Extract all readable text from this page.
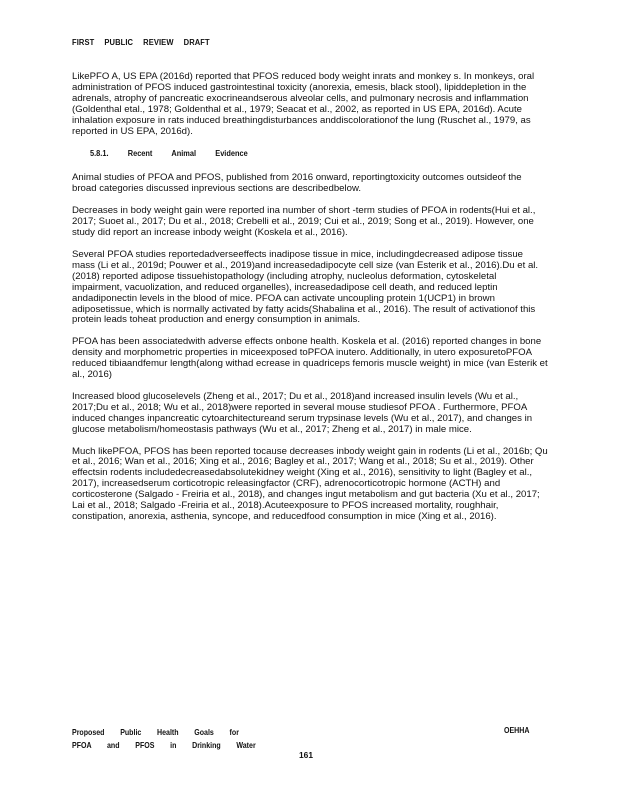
FIRST PUBLIC REVIEW DRAFT

LikePFO A, US EPA (2016d) reported that PFOS reduced body weight inrats and monkey s. In monkeys, oral administration of PFOS induced gastrointestinal toxicity (anorexia, emesis, black stool), lipiddepletion in the adrenals, atrophy of pancreatic exocrineandserous alveolar cells, and pulmonary necrosis and inflammation (Goldenthal etal., 1978; Goldenthal et al., 1979; Seacat et al., 2002, as reported in US EPA, 2016d). Acute inhalation exposure in rats induced breathingdisturbances anddiscolorationof the lung (Ruschet al., 1979, as reported in US EPA, 2016d).

5.8.1. Recent Animal Evidence

Animal studies of PFOA and PFOS, published from 2016 onward, reportingtoxicity outcomes outsideof the broad categories discussed inprevious sections are describedbelow.

Decreases in body weight gain were reported ina number of short -term studies of PFOA in rodents(Hui et al., 2017; Suoet al., 2017; Du et al., 2018; Crebelli et al., 2019; Cui et al., 2019; Song et al., 2019). However, one study did report an increase inbody weight (Koskela et al., 2016).

Several PFOA studies reportedadverseeffects inadipose tissue in mice, includingdecreased adipose tissue mass (Li et al., 2019d; Pouwer et al., 2019)and increasedadipocyte cell size (van Esterik et al., 2016).Du et al. (2018) reported adipose tissuehistopathology (including atrophy, nucleolus deformation, cytoskeletal impairment, vacuolization, and reduced organelles), increasedadipose cell death, and reduced leptin andadiponectin levels in the blood of mice. PFOA can activate uncoupling protein 1(UCP1) in brown adiposetissue, which is normally activated by fatty acids(Shabalina et al., 2016). The result of activationof this protein leads toheat production and energy consumption in animals.

PFOA has been associatedwith adverse effects onbone health. Koskela et al. (2016) reported changes in bone density and morphometric properties in miceexposed toPFOA inutero. Additionally, in utero exposuretoPFOA reduced tibiaandfemur length(along withad ecrease in quadriceps femoris muscle weight) in mice (van Esterik et al., 2016)

Increased blood glucoselevels (Zheng et al., 2017; Du et al., 2018)and increased insulin levels (Wu et al., 2017;Du et al., 2018; Wu et al., 2018)were reported in several mouse studiesof PFOA . Furthermore, PFOA induced changes inpancreatic cytoarchitectureand serum trypsinase levels (Wu et al., 2017), and changes in glucose metabolism/homeostasis pathways (Wu et al., 2017; Zheng et al., 2017) in male mice.

Much likePFOA, PFOS has been reported tocause decreases inbody weight gain in rodents (Li et al., 2016b; Qu et al., 2016; Wan et al., 2016; Xing et al., 2016; Bagley et al., 2017; Wang et al., 2018; Su et al., 2019). Other effectsin rodents includedecreasedabsolutekidney weight (Xing et al., 2016), sensitivity to light (Bagley et al., 2017), increasedserum corticotropic releasingfactor (CRF), adrenocorticotropic hormone (ACTH) and corticosterone (Salgado - Freiria et al., 2018), and changes ingut metabolism and gut bacteria (Xu et al., 2017; Lai et al., 2018; Salgado -Freiria et al., 2018).Acuteexposure to PFOS increased mortality, roughhair, constipation, anorexia, asthenia, syncope, and reducedfood consumption in mice (Xing et al., 2016).

Proposed Public Health Goals for
PFOA and PFOS in Drinking Water
OEHHA
161
